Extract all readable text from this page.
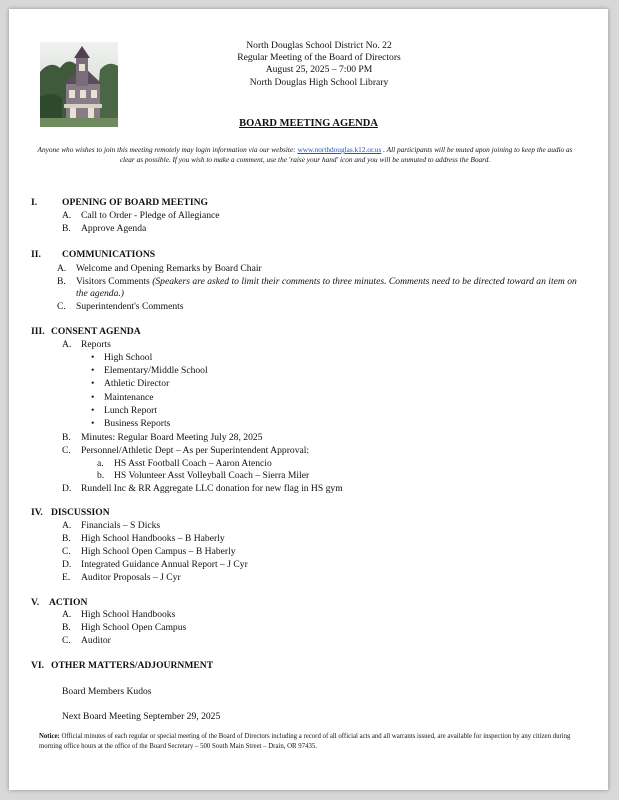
North Douglas School District No. 22
Regular Meeting of the Board of Directors
August 25, 2025 – 7:00 PM
North Douglas High School Library
BOARD MEETING AGENDA
Anyone who wishes to join this meeting remotely may login information via our website: www.northdouglas.k12.or.us . All participants will be muted upon joining to keep the audio as clear as possible. If you wish to make a comment, use the 'raise your hand' icon and you will be unmuted to address the Board.
I.	OPENING OF BOARD MEETING
A. Call to Order - Pledge of Allegiance
B. Approve Agenda
II. COMMUNICATIONS
A. Welcome and Opening Remarks by Board Chair
B. Visitors Comments (Speakers are asked to limit their comments to three minutes. Comments need to be directed toward an item on the agenda.)
C. Superintendent's Comments
III. CONSENT AGENDA
A. Reports
• High School
• Elementary/Middle School
• Athletic Director
• Maintenance
• Lunch Report
• Business Reports
B. Minutes: Regular Board Meeting July 28, 2025
C. Personnel/Athletic Dept – As per Superintendent Approval:
a. HS Asst Football Coach – Aaron Atencio
b. HS Volunteer Asst Volleyball Coach – Sierra Miler
D. Rundell Inc & RR Aggregate LLC donation for new flag in HS gym
IV. DISCUSSION
A. Financials – S Dicks
B. High School Handbooks – B Haberly
C. High School Open Campus – B Haberly
D. Integrated Guidance Annual Report – J Cyr
E. Auditor Proposals – J Cyr
V. ACTION
A. High School Handbooks
B. High School Open Campus
C. Auditor
VI. OTHER MATTERS/ADJOURNMENT
Board Members Kudos
Next Board Meeting September 29, 2025
Notice: Official minutes of each regular or special meeting of the Board of Directors including a record of all official acts and all warrants issued, are available for inspection by any citizen during morning office hours at the office of the Board Secretary – 500 South Main Street – Drain, OR 97435.
